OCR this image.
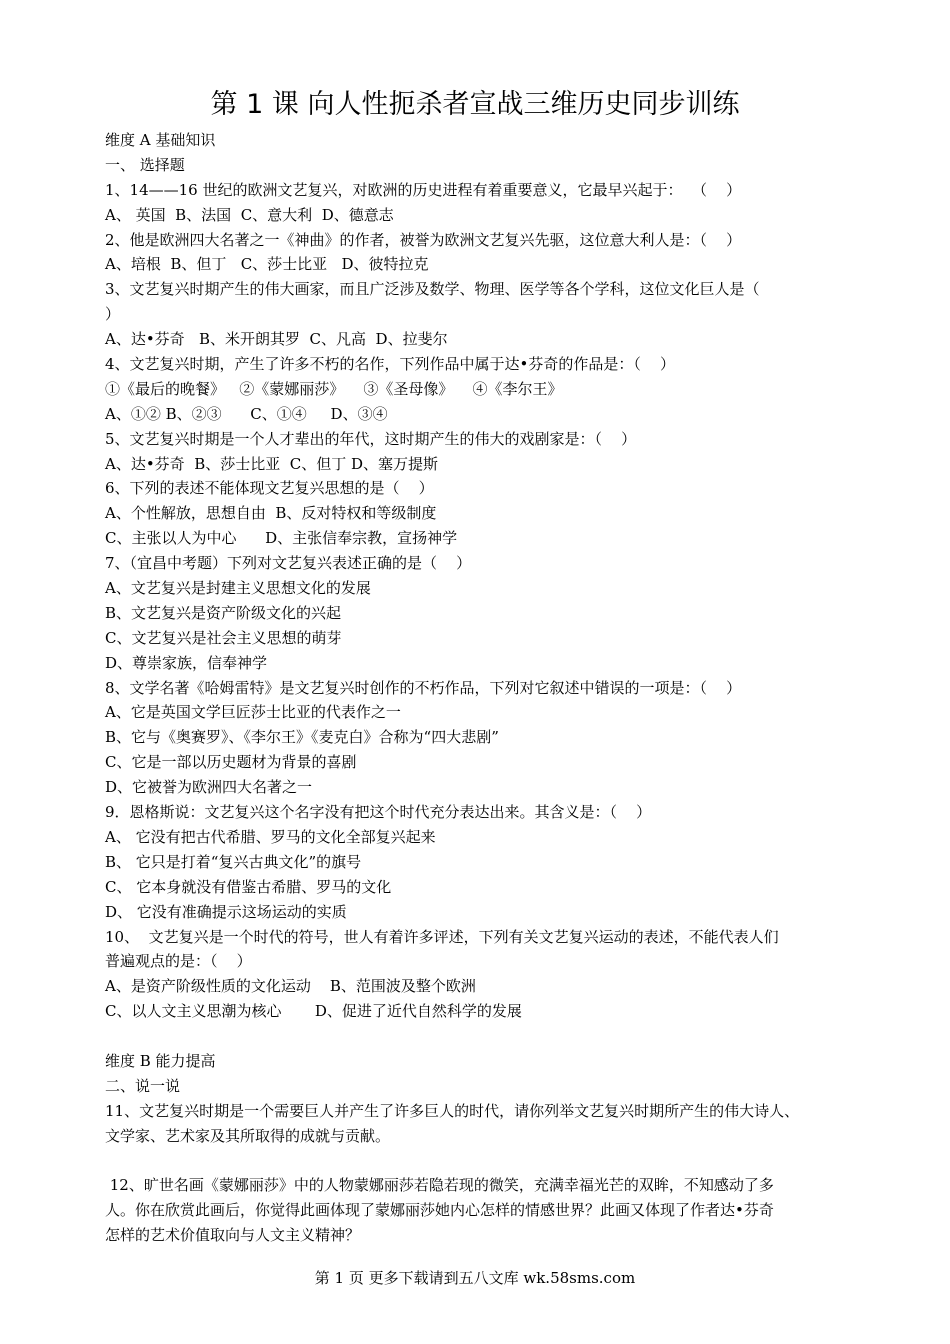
第 1 课 向人性扼杀者宣战三维历史同步训练
维度 A 基础知识
一、 选择题
1、14——16 世纪的欧洲文艺复兴，对欧洲的历史进程有着重要意义，它最早兴起于：  （    ）
A、 英国  B、法国  C、意大利  D、德意志
2、他是欧洲四大名著之一《神曲》的作者，被誉为欧洲文艺复兴先驱，这位意大利人是：（    ）
A、培根  B、但丁   C、莎士比亚   D、彼特拉克
3、文艺复兴时期产生的伟大画家，而且广泛涉及数学、物理、医学等各个学科，这位文化巨人是（
）
A、达•芬奇   B、米开朗其罗  C、凡高  D、拉斐尔
4、文艺复兴时期，产生了许多不朽的名作，下列作品中属于达•芬奇的作品是：（    ）
①《最后的晚餐》   ②《蒙娜丽莎》    ③《圣母像》    ④《李尔王》
A、①② B、②③      C、①④     D、③④
5、文艺复兴时期是一个人才辈出的年代，这时期产生的伟大的戏剧家是：（    ）
A、达•芬奇  B、莎士比亚  C、但丁 D、塞万提斯
6、下列的表述不能体现文艺复兴思想的是（    ）
A、个性解放，思想自由  B、反对特权和等级制度
C、主张以人为中心      D、主张信奉宗教，宣扬神学
7、（宜昌中考题）下列对文艺复兴表述正确的是（    ）
A、文艺复兴是封建主义思想文化的发展
B、文艺复兴是资产阶级文化的兴起
C、文艺复兴是社会主义思想的萌芽
D、尊崇家族，信奉神学
8、文学名著《哈姆雷特》是文艺复兴时创作的不朽作品，下列对它叙述中错误的一项是：（    ）
A、它是英国文学巨匠莎士比亚的代表作之一
B、它与《奥赛罗》、《李尔王》《麦克白》合称为“四大悲剧”
C、它是一部以历史题材为背景的喜剧
D、它被誉为欧洲四大名著之一
9．恩格斯说：文艺复兴这个名字没有把这个时代充分表达出来。其含义是：（    ）
A、 它没有把古代希腊、罗马的文化全部复兴起来
B、 它只是打着“复兴古典文化”的旗号
C、 它本身就没有借鉴古希腊、罗马的文化
D、 它没有准确提示这场运动的实质
10、  文艺复兴是一个时代的符号，世人有着许多评述，下列有关文艺复兴运动的表述，不能代表人们
普遍观点的是：（    ）
A、是资产阶级性质的文化运动    B、范围波及整个欧洲
C、以人文主义思潮为核心       D、促进了近代自然科学的发展
维度 B 能力提高
二、说一说
11、文艺复兴时期是一个需要巨人并产生了许多巨人的时代，请你列举文艺复兴时期所产生的伟大诗人、
文学家、艺术家及其所取得的成就与贡献。
12、旷世名画《蒙娜丽莎》中的人物蒙娜丽莎若隐若现的微笑，充满幸福光芒的双眸，不知感动了多
人。你在欣赏此画后，你觉得此画体现了蒙娜丽莎她内心怎样的情感世界？此画又体现了作者达•芬奇
怎样的艺术价值取向与人文主义精神？
第 1 页 更多下载请到五八文库 wk.58sms.com
